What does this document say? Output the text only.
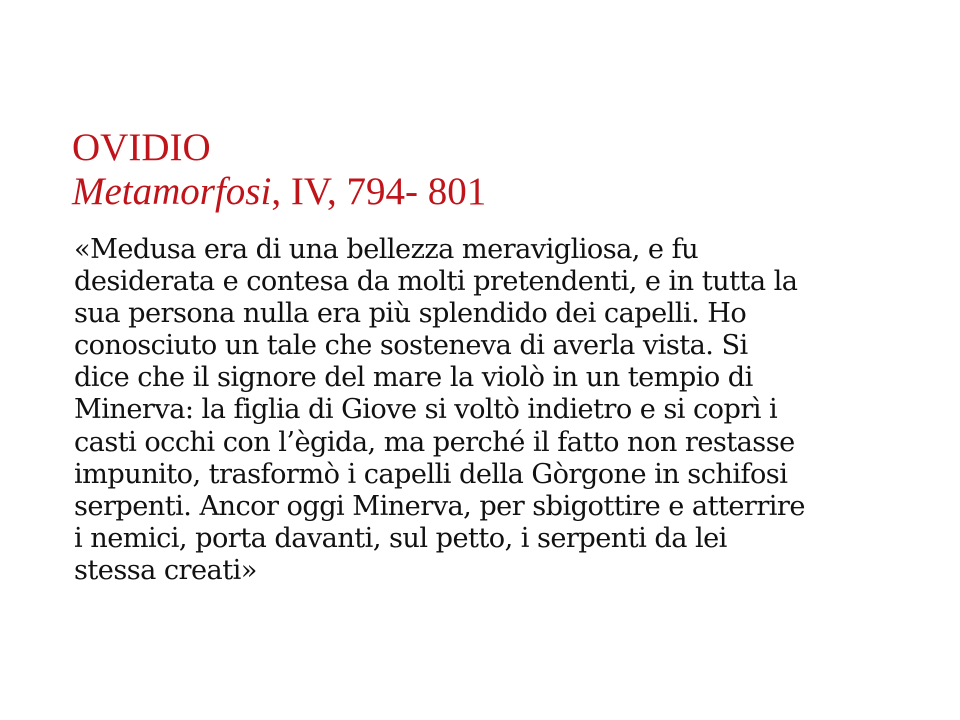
OVIDIO
Metamorfosi, IV, 794- 801
«Medusa era di una bellezza meravigliosa, e fu
desiderata e contesa da molti pretendenti, e in tutta la
sua persona nulla era più splendido dei capelli. Ho
conosciuto un tale che sosteneva di averla vista. Si
dice che il signore del mare la violò in un tempio di
Minerva: la figlia di Giove si voltò indietro e si coprì i
casti occhi con l’ègida, ma perché il fatto non restasse
impunito, trasformò i capelli della Gòrgone in schifosi
serpenti. Ancor oggi Minerva, per sbigottire e atterrire
i nemici, porta davanti, sul petto, i serpenti da lei
stessa creati»
